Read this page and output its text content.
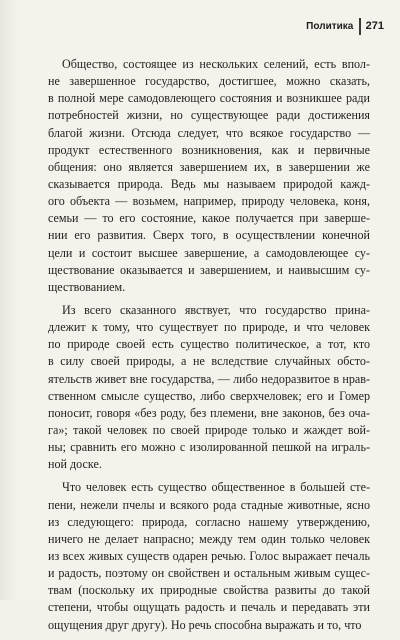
Политика	271

Общество, состоящее из нескольких селений, есть впол-
не завершенное государство, достигшее, можно сказать,
в полной мере самодовлеющего состояния и возникшее ради
потребностей жизни, но существующее ради достижения
благой жизни. Отсюда следует, что всякое государство —
продукт естественного возникновения, как и первичные
общения: оно является завершением их, в завершении же
сказывается природа. Ведь мы называем природой кажд-
ого объекта — возьмем, например, природу человека, коня,
семьи — то его состояние, какое получается при заверше-
нии его развития. Сверх того, в осуществлении конечной
цели и состоит высшее завершение, а самодовлеющее су-
ществование оказывается и завершением, и наивысшим су-
ществованием.

Из всего сказанного явствует, что государство прина-
длежит к тому, что существует по природе, и что человек
по природе своей есть существо политическое, а тот, кто
в силу своей природы, а не вследствие случайных обсто-
ятельств живет вне государства, — либо недоразвитое в нрав-
ственном смысле существо, либо сверхчеловек; его и Гомер
поносит, говоря «без роду, без племени, вне законов, без оча-
га»; такой человек по своей природе только и жаждет вой-
ны; сравнить его можно с изолированной пешкой на играль-
ной доске.

Что человек есть существо общественное в большей сте-
пени, нежели пчелы и всякого рода стадные животные, ясно
из следующего: природа, согласно нашему утверждению,
ничего не делает напрасно; между тем один только человек
из всех живых существ одарен речью. Голос выражает печаль
и радость, поэтому он свойствен и остальным живым сущес-
твам (поскольку их природные свойства развиты до такой
степени, чтобы ощущать радость и печаль и передавать эти
ощущения друг другу). Но речь способна выражать и то, что
